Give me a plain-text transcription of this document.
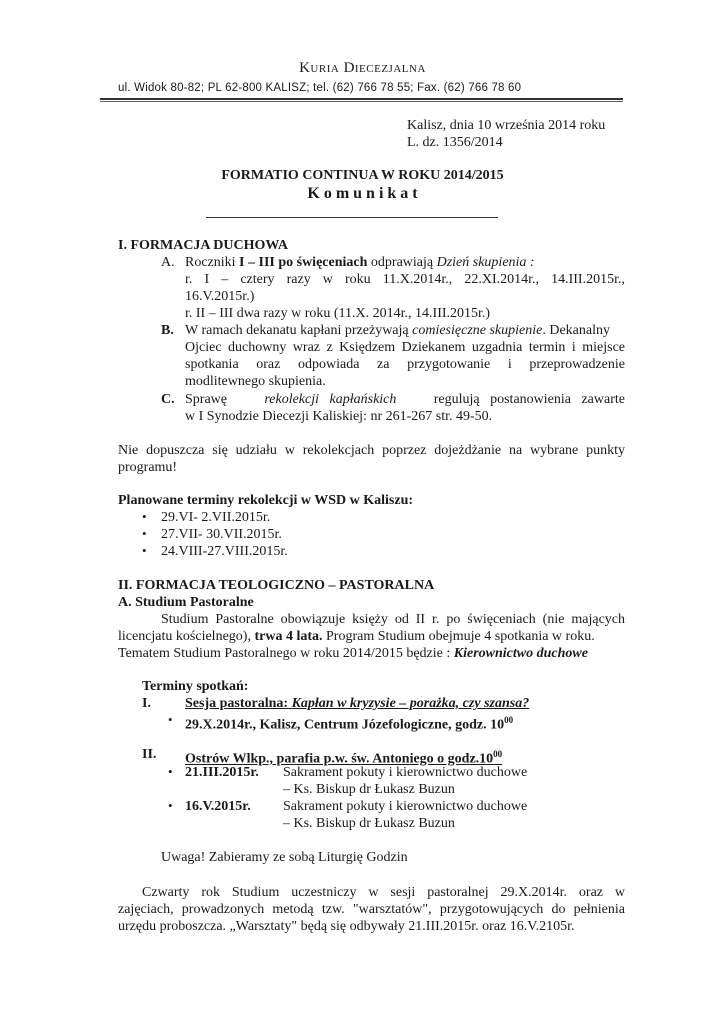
Kuria Diecezjalna
ul. Widok 80-82; PL 62-800 KALISZ; tel. (62) 766 78 55; Fax. (62) 766 78 60
Kalisz, dnia 10 września 2014 roku
L. dz. 1356/2014
FORMATIO CONTINUA W ROKU 2014/2015
K o m u n i k a t
I. FORMACJA DUCHOWA
A. Roczniki I – III po święceniach odprawiają Dzień skupienia :
r. I – cztery razy w roku 11.X.2014r., 22.XI.2014r., 14.III.2015r.,
16.V.2015r.)
r. II – III dwa razy w roku (11.X. 2014r., 14.III.2015r.)
B. W ramach dekanatu kapłani przeżywają comiesięczne skupienie. Dekanalny
Ojciec duchowny wraz z Księdzem Dziekanem uzgadnia termin i miejsce
spotkania oraz odpowiada za przygotowanie i przeprowadzenie
modlitewnego skupienia.
C. Sprawę	rekolekcji   kapłańskich	regulują   postanowienia   zawarte
w I Synodzie Diecezji Kaliskiej: nr 261-267 str. 49-50.
Nie dopuszcza się udziału w rekolekcjach poprzez dojeżdżanie na wybrane punkty
programu!
Planowane terminy rekolekcji w WSD w Kaliszu:
• 29.VI- 2.VII.2015r.
• 27.VII- 30.VII.2015r.
• 24.VIII-27.VIII.2015r.
II. FORMACJA TEOLOGICZNO – PASTORALNA
A. Studium Pastoralne
Studium Pastoralne obowiązuje księży od II r. po święceniach (nie mających
licencjatu kościelnego), trwa 4 lata. Program Studium obejmuje 4 spotkania w roku.
Tematem Studium Pastoralnego w roku 2014/2015 będzie : Kierownictwo duchowe
Terminy spotkań:
I. Sesja pastoralna: Kapłan w kryzysie – porażka, czy szansa?
• 29.X.2014r., Kalisz, Centrum Józefologiczne, godz. $10^{00}$
II. Ostrów Wlkp., parafia p.w. św. Antoniego o $godz.10^{00}$
• 21.III.2015r. Sakrament pokuty i kierownictwo duchowe
– Ks. Biskup dr Łukasz Buzun
• 16.V.2015r. Sakrament pokuty i kierownictwo duchowe
– Ks. Biskup dr Łukasz Buzun
Uwaga! Zabieramy ze sobą Liturgię Godzin
Czwarty rok Studium uczestniczy w sesji pastoralnej 29.X.2014r. oraz w
zajęciach, prowadzonych metodą tzw. "warsztatów", przygotowujących do pełnienia
urzędu proboszcza. „Warsztaty" będą się odbywały 21.III.2015r. oraz 16.V.2105r.
